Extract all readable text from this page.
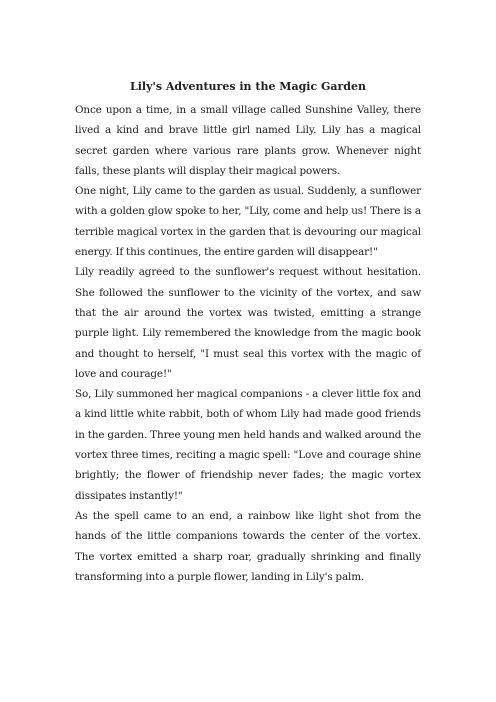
Lily's Adventures in the Magic Garden

Once upon a time, in a small village called Sunshine Valley, there lived a kind and brave little girl named Lily. Lily has a magical secret garden where various rare plants grow. Whenever night falls, these plants will display their magical powers.

One night, Lily came to the garden as usual. Suddenly, a sunflower with a golden glow spoke to her, "Lily, come and help us! There is a terrible magical vortex in the garden that is devouring our magical energy. If this continues, the entire garden will disappear!"

Lily readily agreed to the sunflower's request without hesitation. She followed the sunflower to the vicinity of the vortex, and saw that the air around the vortex was twisted, emitting a strange purple light. Lily remembered the knowledge from the magic book and thought to herself, "I must seal this vortex with the magic of love and courage!"

So, Lily summoned her magical companions - a clever little fox and a kind little white rabbit, both of whom Lily had made good friends in the garden. Three young men held hands and walked around the vortex three times, reciting a magic spell: "Love and courage shine brightly; the flower of friendship never fades; the magic vortex dissipates instantly!"

As the spell came to an end, a rainbow like light shot from the hands of the little companions towards the center of the vortex. The vortex emitted a sharp roar, gradually shrinking and finally transforming into a purple flower, landing in Lily's palm.
